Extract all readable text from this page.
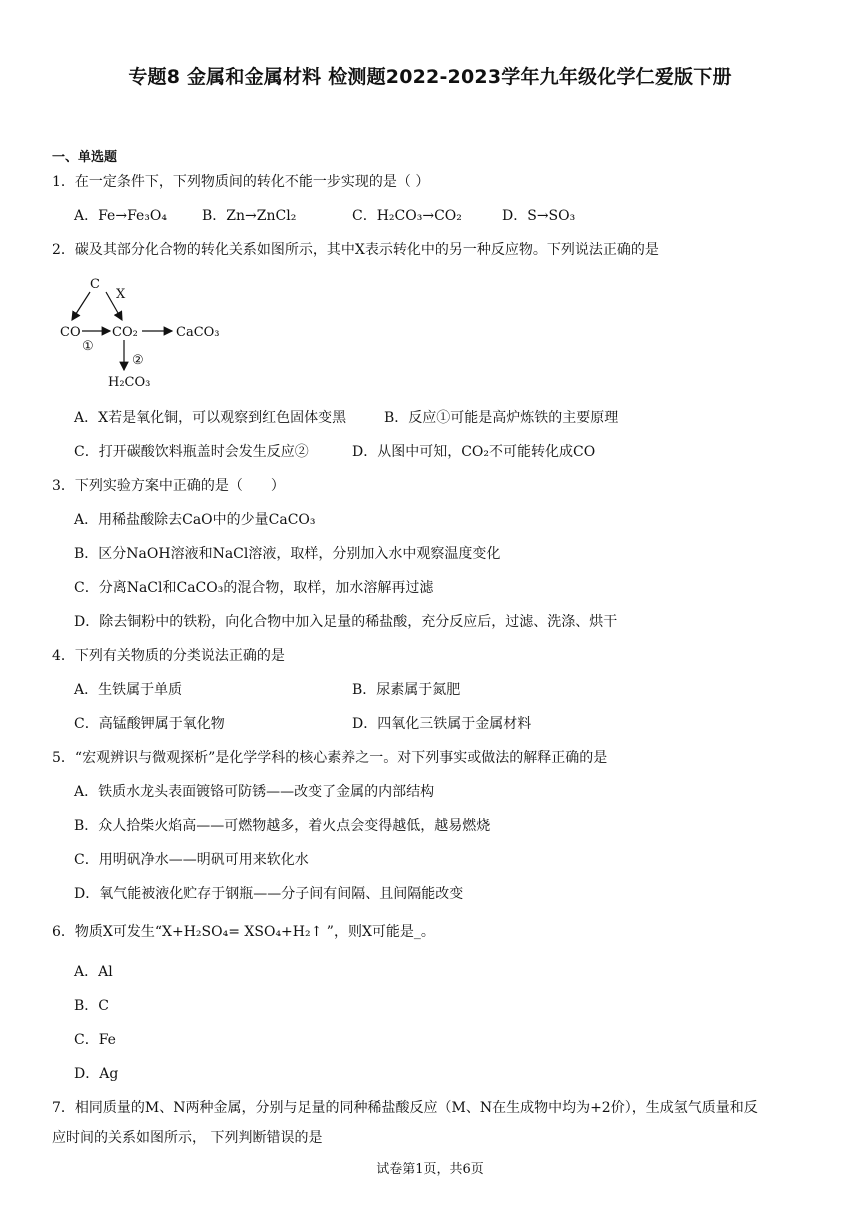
专题8 金属和金属材料 检测题2022-2023学年九年级化学仁爱版下册
一、单选题
1．在一定条件下，下列物质间的转化不能一步实现的是（ ）
A．Fe→Fe₃O₄ B．Zn→ZnCl₂	C．H₂CO₃→CO₂	D．S→SO₃
2．碳及其部分化合物的转化关系如图所示，其中X表示转化中的另一种反应物。下列说法正确的是
C
X
CO CO₂	CaCO₃
H₂CO₃
①
②
A．X若是氧化铜，可以观察到红色固体变黑	B．反应①可能是高炉炼铁的主要原理
C．打开碳酸饮料瓶盖时会发生反应②	D．从图中可知，CO₂不可能转化成CO
3．下列实验方案中正确的是（　　）
A．用稀盐酸除去CaO中的少量CaCO₃
B．区分NaOH溶液和NaCl溶液，取样，分别加入水中观察温度变化
C．分离NaCl和CaCO₃的混合物，取样，加水溶解再过滤
D．除去铜粉中的铁粉，向化合物中加入足量的稀盐酸，充分反应后，过滤、洗涤、烘干
4．下列有关物质的分类说法正确的是
A．生铁属于单质	B．尿素属于氮肥
C．高锰酸钾属于氧化物	D．四氧化三铁属于金属材料
5．“宏观辨识与微观探析”是化学学科的核心素养之一。对下列事实或做法的解释正确的是
A．铁质水龙头表面镀铬可防锈——改变了金属的内部结构
B．众人拾柴火焰高——可燃物越多，着火点会变得越低，越易燃烧
C．用明矾净水——明矾可用来软化水
D．氧气能被液化贮存于钢瓶——分子间有间隔、且间隔能改变
6．物质X可发生“X+H₂SO₄= XSO₄+H₂↑ ”，则X可能是_。
A．Al
B．C
C．Fe
D．Ag
7．相同质量的M、N两种金属，分别与足量的同种稀盐酸反应（M、N在生成物中均为+2价），生成氢气质量和反
应时间的关系如图所示， 下列判断错误的是
试卷第1页，共6页
